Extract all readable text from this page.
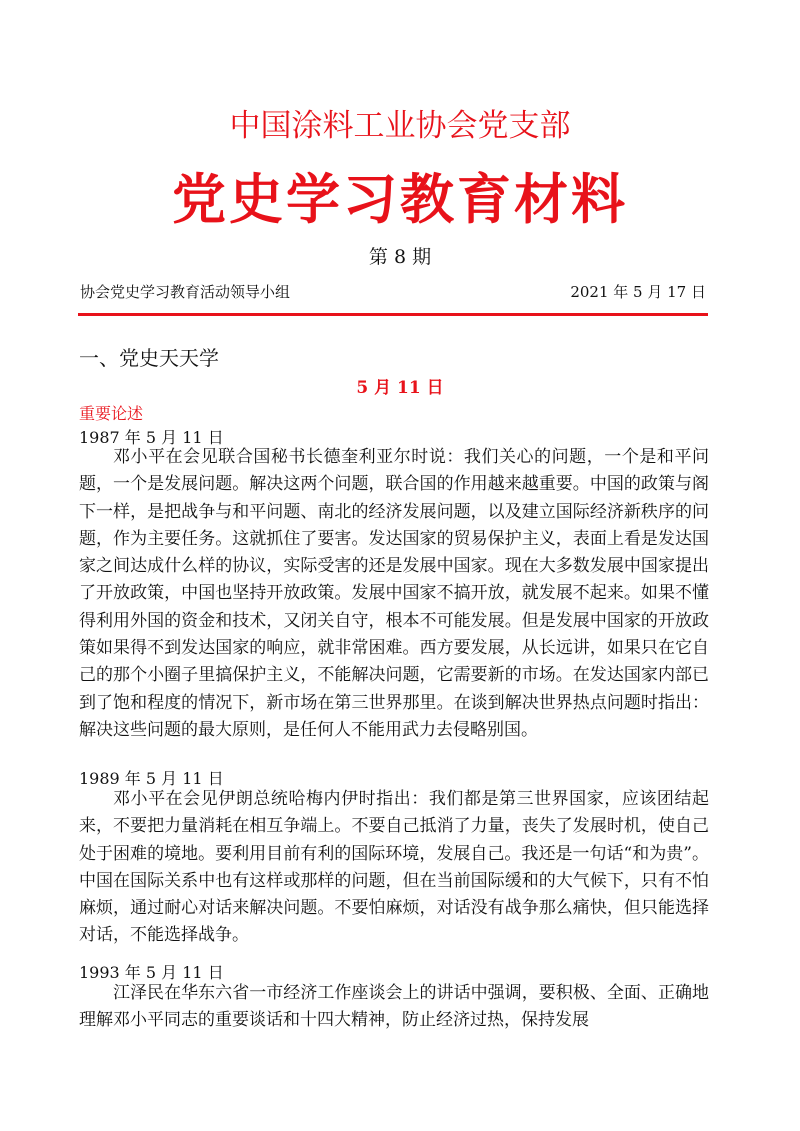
中国涂料工业协会党支部
党史学习教育材料
第 8 期
协会党史学习教育活动领导小组	2021 年 5 月 17 日
一、党史天天学
5 月 11 日
重要论述
1987 年 5 月 11 日

邓小平在会见联合国秘书长德奎利亚尔时说：我们关心的问题，一个是和平问题，一个是发展问题。解决这两个问题，联合国的作用越来越重要。中国的政策与阁下一样，是把战争与和平问题、南北的经济发展问题，以及建立国际经济新秩序的问题，作为主要任务。这就抓住了要害。发达国家的贸易保护主义，表面上看是发达国家之间达成什么样的协议，实际受害的还是发展中国家。现在大多数发展中国家提出了开放政策，中国也坚持开放政策。发展中国家不搞开放，就发展不起来。如果不懂得利用外国的资金和技术，又闭关自守，根本不可能发展。但是发展中国家的开放政策如果得不到发达国家的响应，就非常困难。西方要发展，从长远讲，如果只在它自己的那个小圈子里搞保护主义，不能解决问题，它需要新的市场。在发达国家内部已到了饱和程度的情况下，新市场在第三世界那里。在谈到解决世界热点问题时指出：解决这些问题的最大原则，是任何人不能用武力去侵略别国。

1989 年 5 月 11 日

邓小平在会见伊朗总统哈梅内伊时指出：我们都是第三世界国家，应该团结起来，不要把力量消耗在相互争端上。不要自己抵消了力量，丧失了发展时机，使自己处于困难的境地。要利用目前有利的国际环境，发展自己。我还是一句话“和为贵”。中国在国际关系中也有这样或那样的问题，但在当前国际缓和的大气候下，只有不怕麻烦，通过耐心对话来解决问题。不要怕麻烦，对话没有战争那么痛快，但只能选择对话，不能选择战争。

1993 年 5 月 11 日

江泽民在华东六省一市经济工作座谈会上的讲话中强调，要积极、全面、正确地理解邓小平同志的重要谈话和十四大精神，防止经济过热，保持发展
